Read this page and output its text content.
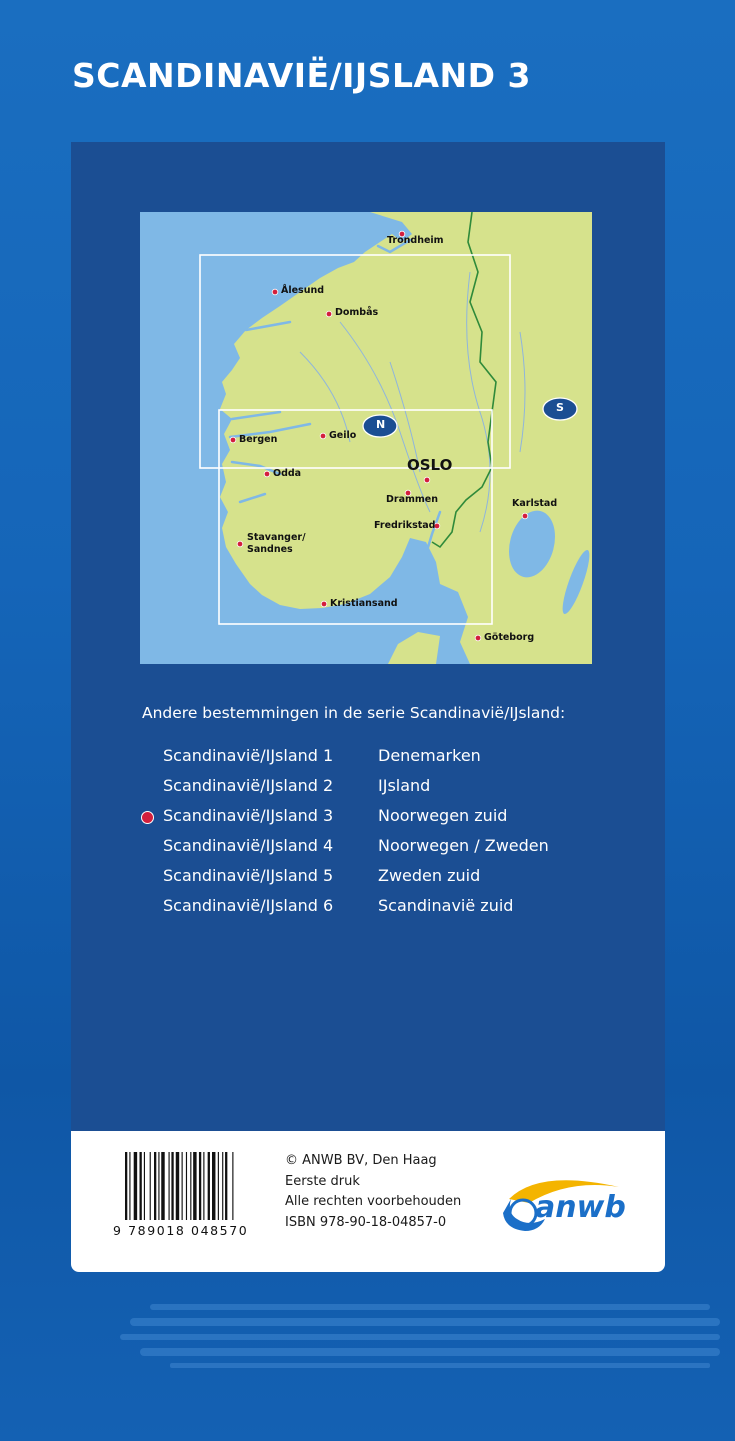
SCANDINAVIË/IJSLAND 3
N
S
OSLO
Trondheim
Ålesund
Dombås
Bergen	Geilo
Odda
Drammen
Fredrikstad
Stavanger/
Sandnes
Kristiansand
Karlstad
Göteborg
Andere bestemmingen in de serie Scandinavië/IJsland:
Scandinavië/IJsland 1	Denemarken
Scandinavië/IJsland 2	IJsland
Scandinavië/IJsland 3	Noorwegen zuid
Scandinavië/IJsland 4	Noorwegen / Zweden
Scandinavië/IJsland 5	Zweden zuid
Scandinavië/IJsland 6	Scandinavië zuid
9 789018 048570
© ANWB BV, Den Haag
Eerste druk
Alle rechten voorbehouden
ISBN 978-90-18-04857-0	anwb
